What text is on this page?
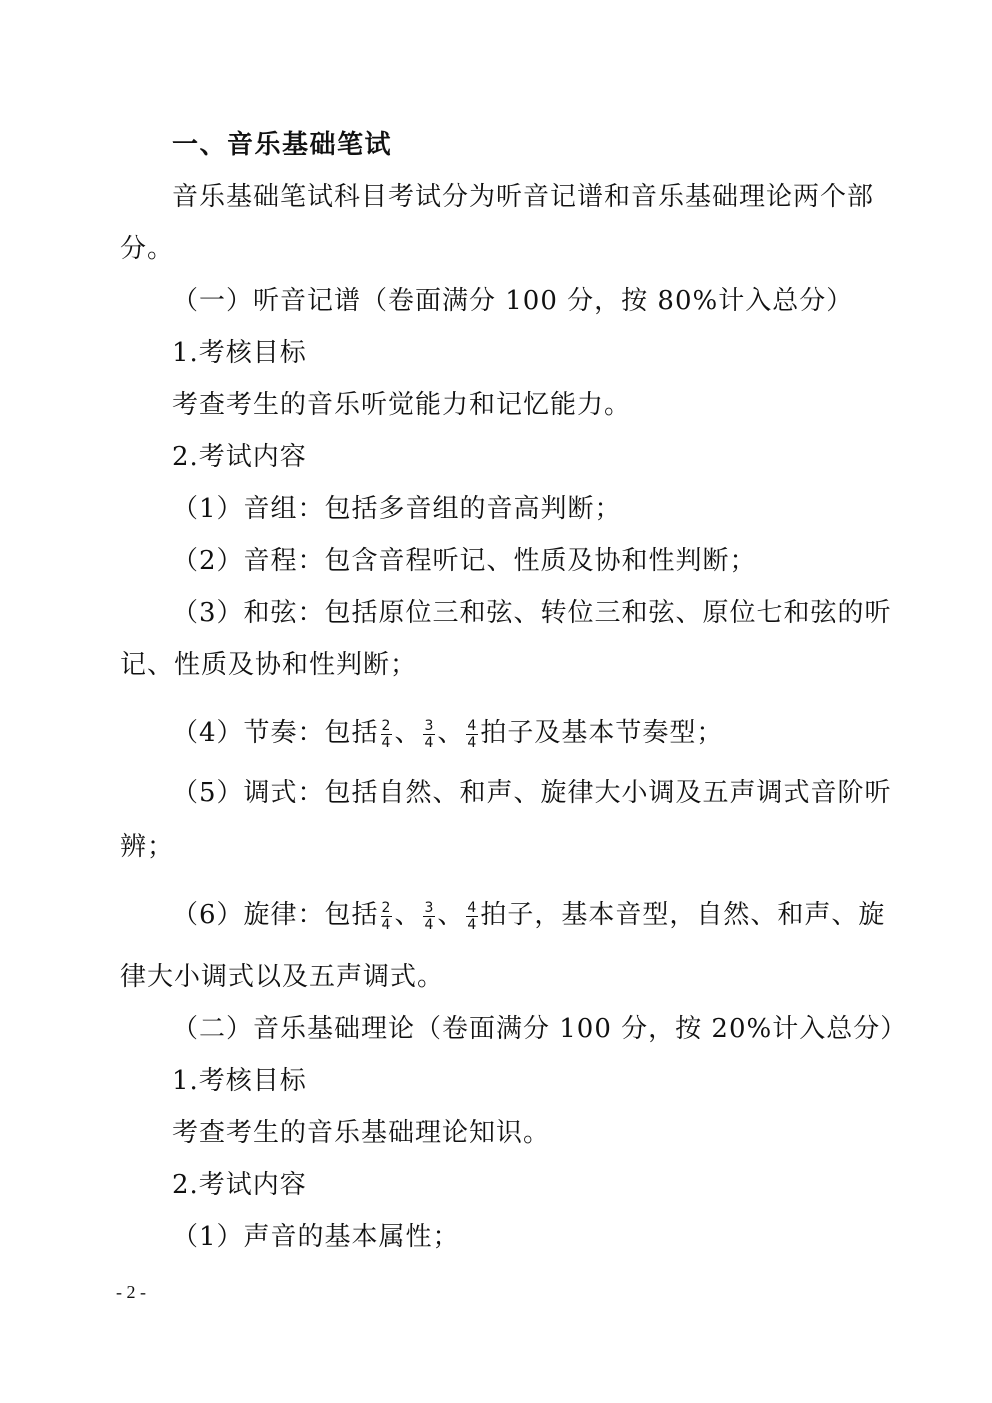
一、音乐基础笔试
音乐基础笔试科目考试分为听音记谱和音乐基础理论两个部
分。
（一）听音记谱（卷面满分 100 分，按 80%计入总分）
1.考核目标
考查考生的音乐听觉能力和记忆能力。
2.考试内容
（1）音组：包括多音组的音高判断；
（2）音程：包含音程听记、性质及协和性判断；
（3）和弦：包括原位三和弦、转位三和弦、原位七和弦的听
记、性质及协和性判断；
（4）节奏：包括 $\frac{2}{4}$ 、 $\frac{3}{4}$ 、 $\frac{4}{4}$ 拍子及基本节奏型；
（5）调式：包括自然、和声、旋律大小调及五声调式音阶听
辨；
（6）旋律：包括 $\frac{2}{4}$ 、 $\frac{3}{4}$ 、 $\frac{4}{4}$ 拍子，基本音型，自然、和声、旋
律大小调式以及五声调式。
（二）音乐基础理论（卷面满分 100 分，按 20%计入总分）
1.考核目标
考查考生的音乐基础理论知识。
2.考试内容
（1）声音的基本属性；
- 2 -
